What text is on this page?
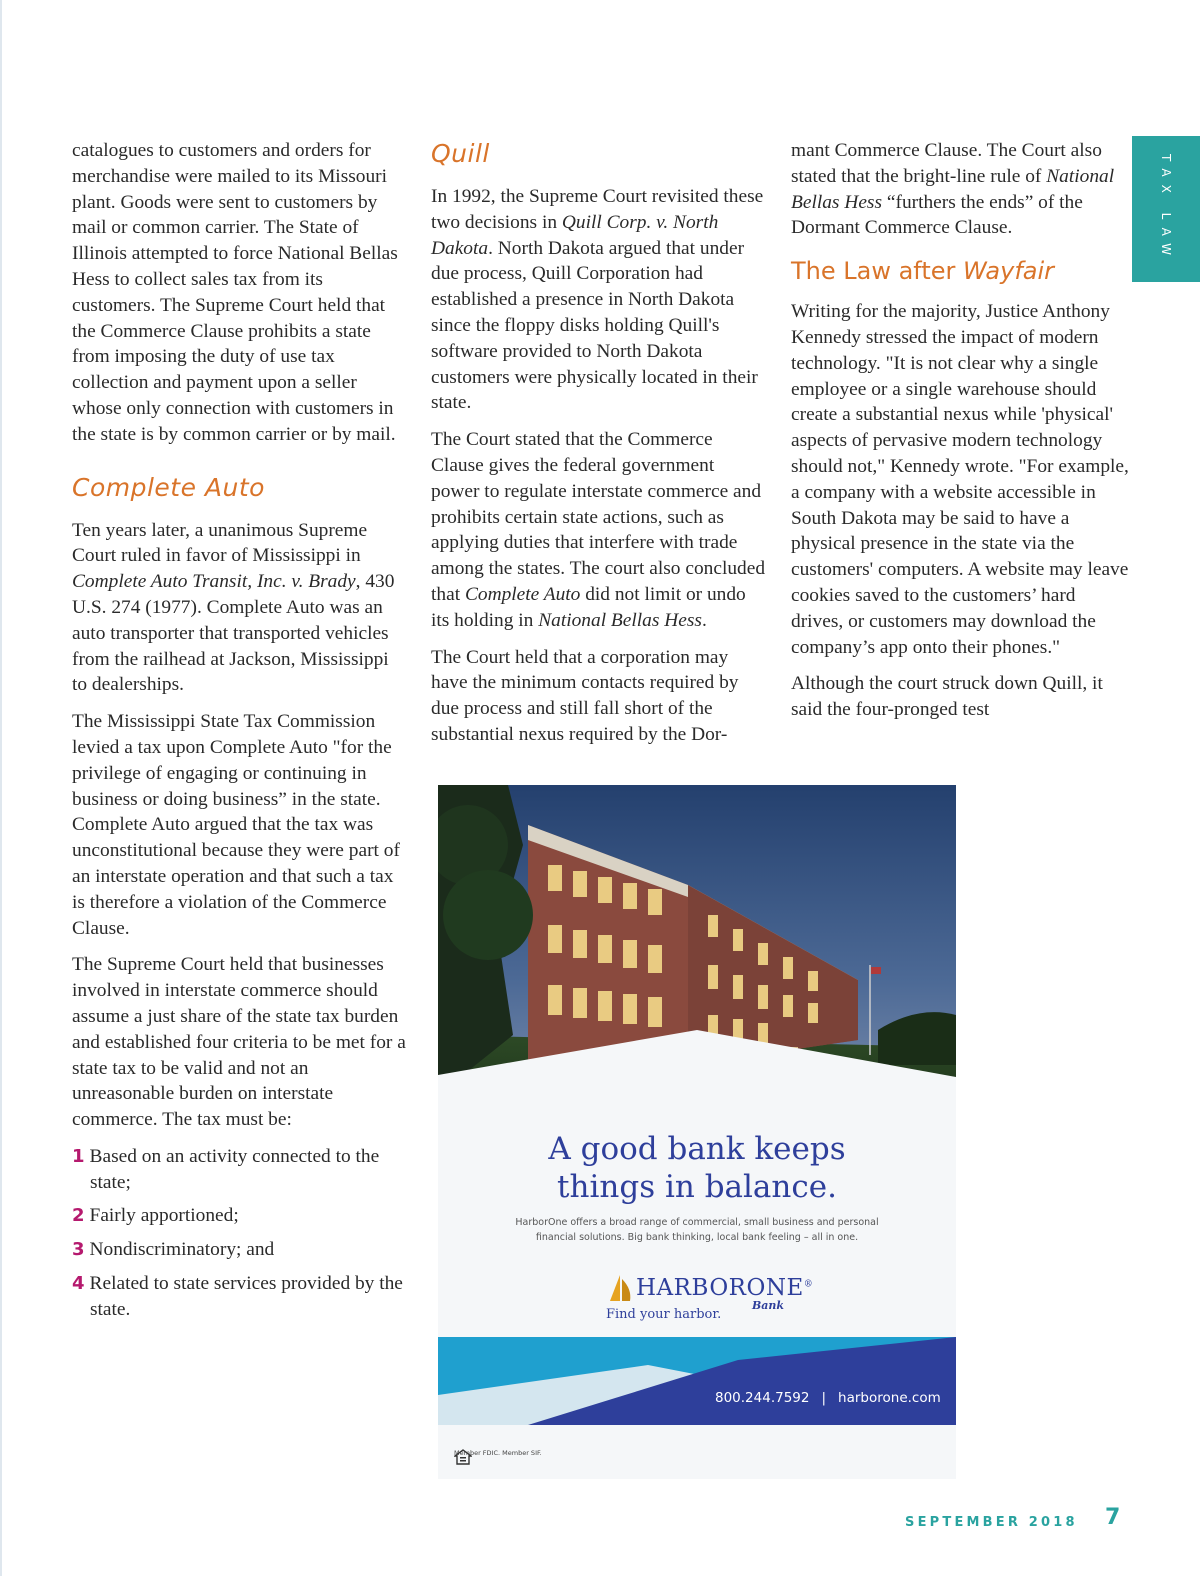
TAX LAW

catalogues to customers and orders for merchandise were mailed to its Missouri plant. Goods were sent to customers by mail or common carrier. The State of Illinois attempted to force National Bellas Hess to collect sales tax from its customers. The Supreme Court held that the Commerce Clause prohibits a state from imposing the duty of use tax collection and payment upon a seller whose only connection with customers in the state is by common carrier or by mail.

Complete Auto

Ten years later, a unanimous Supreme Court ruled in favor of Mississippi in Complete Auto Transit, Inc. v. Brady, 430 U.S. 274 (1977). Complete Auto was an auto transporter that transported vehicles from the railhead at Jackson, Mississippi to dealerships.

The Mississippi State Tax Commission levied a tax upon Complete Auto "for the privilege of engaging or continuing in business or doing business” in the state. Complete Auto argued that the tax was unconstitutional because they were part of an interstate operation and that such a tax is therefore a violation of the Commerce Clause.

The Supreme Court held that businesses involved in interstate commerce should assume a just share of the state tax burden and established four criteria to be met for a state tax to be valid and not an unreasonable burden on interstate commerce. The tax must be:

1 Based on an activity connected to the state;
2 Fairly apportioned;
3 Nondiscriminatory; and
4 Related to state services provided by the state.
Quill

In 1992, the Supreme Court revisited these two decisions in Quill Corp. v. North Dakota. North Dakota argued that under due process, Quill Corporation had established a presence in North Dakota since the floppy disks holding Quill's software provided to North Dakota customers were physically located in their state.

The Court stated that the Commerce Clause gives the federal government power to regulate interstate commerce and prohibits certain state actions, such as applying duties that interfere with trade among the states. The court also concluded that Complete Auto did not limit or undo its holding in National Bellas Hess.

The Court held that a corporation may have the minimum contacts required by due process and still fall short of the substantial nexus required by the Dor-

mant Commerce Clause. The Court also stated that the bright-line rule of National Bellas Hess “furthers the ends” of the Dormant Commerce Clause.

The Law after Wayfair

Writing for the majority, Justice Anthony Kennedy stressed the impact of modern technology. "It is not clear why a single employee or a single warehouse should create a substantial nexus while 'physical' aspects of pervasive modern technology should not," Kennedy wrote. "For example, a company with a website accessible in South Dakota may be said to have a physical presence in the state via the customers' computers. A website may leave cookies saved to the customers’ hard drives, or customers may download the company’s app onto their phones."

Although the court struck down Quill, it said the four-pronged test

A good bank keeps
things in balance.
HarborOne offers a broad range of commercial, small business and personal
financial solutions. Big bank thinking, local bank feeling – all in one.
HARBORONE®
Bank
Find your harbor.
800.244.7592 | harborone.com
Member FDIC. Member SIF.
SEPTEMBER 2018 7
